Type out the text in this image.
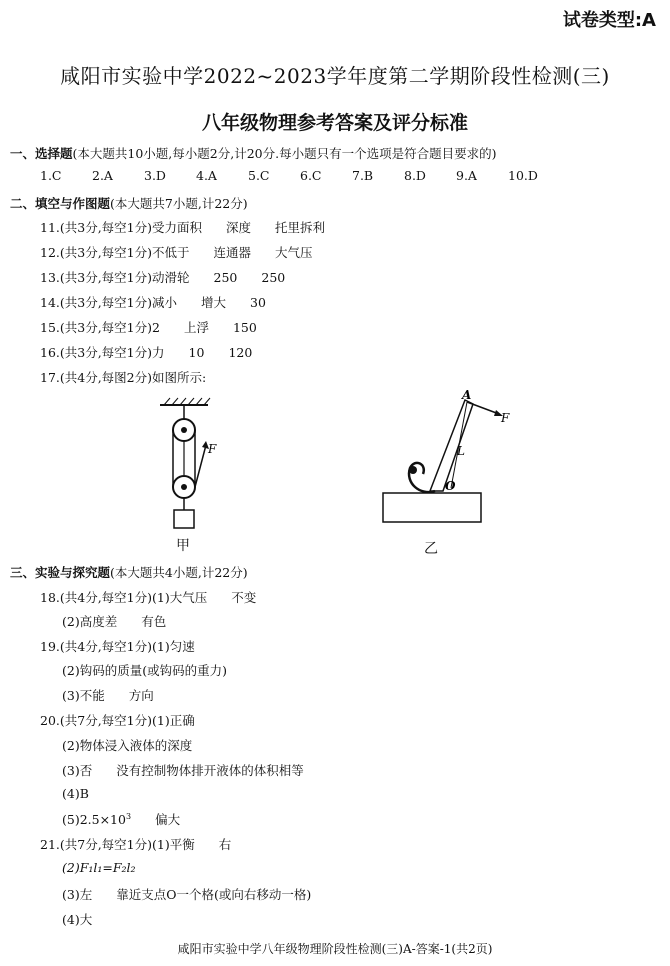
试卷类型:A
咸阳市实验中学2022~2023学年度第二学期阶段性检测(三)
八年级物理参考答案及评分标准
一、选择题(本大题共10小题,每小题2分,计20分.每小题只有一个选项是符合题目要求的)
1.C	2.A	3.D	4.A	5.C	6.C	7.B	8.D	9.A	10.D
二、填空与作图题(本大题共7小题,计22分)
11.(共3分,每空1分)受力面积 深度 托里拆利
12.(共3分,每空1分)不低于 连通器 大气压
13.(共3分,每空1分)动滑轮 250 250
14.(共3分,每空1分)减小 增大 30
15.(共3分,每空1分)2 上浮 150
16.(共3分,每空1分)力 10 120
17.(共4分,每图2分)如图所示:
F
甲
A
F
L
O
乙
三、实验与探究题(本大题共4小题,计22分)
18.(共4分,每空1分)(1)大气压 不变
(2)高度差 有色
19.(共4分,每空1分)(1)匀速
(2)钩码的质量(或钩码的重力)
(3)不能 方向
20.(共7分,每空1分)(1)正确
(2)物体浸入液体的深度
(3)否 没有控制物体排开液体的体积相等
(4)B
$(5)2.5\times 10^3$ 偏大
21.(共7分,每空1分)(1)平衡 右
(2)F₁l₁=F₂l₂
(3)左 靠近支点O一个格(或向右移动一格)
(4)大
咸阳市实验中学八年级物理阶段性检测(三)A-答案-1(共2页)
